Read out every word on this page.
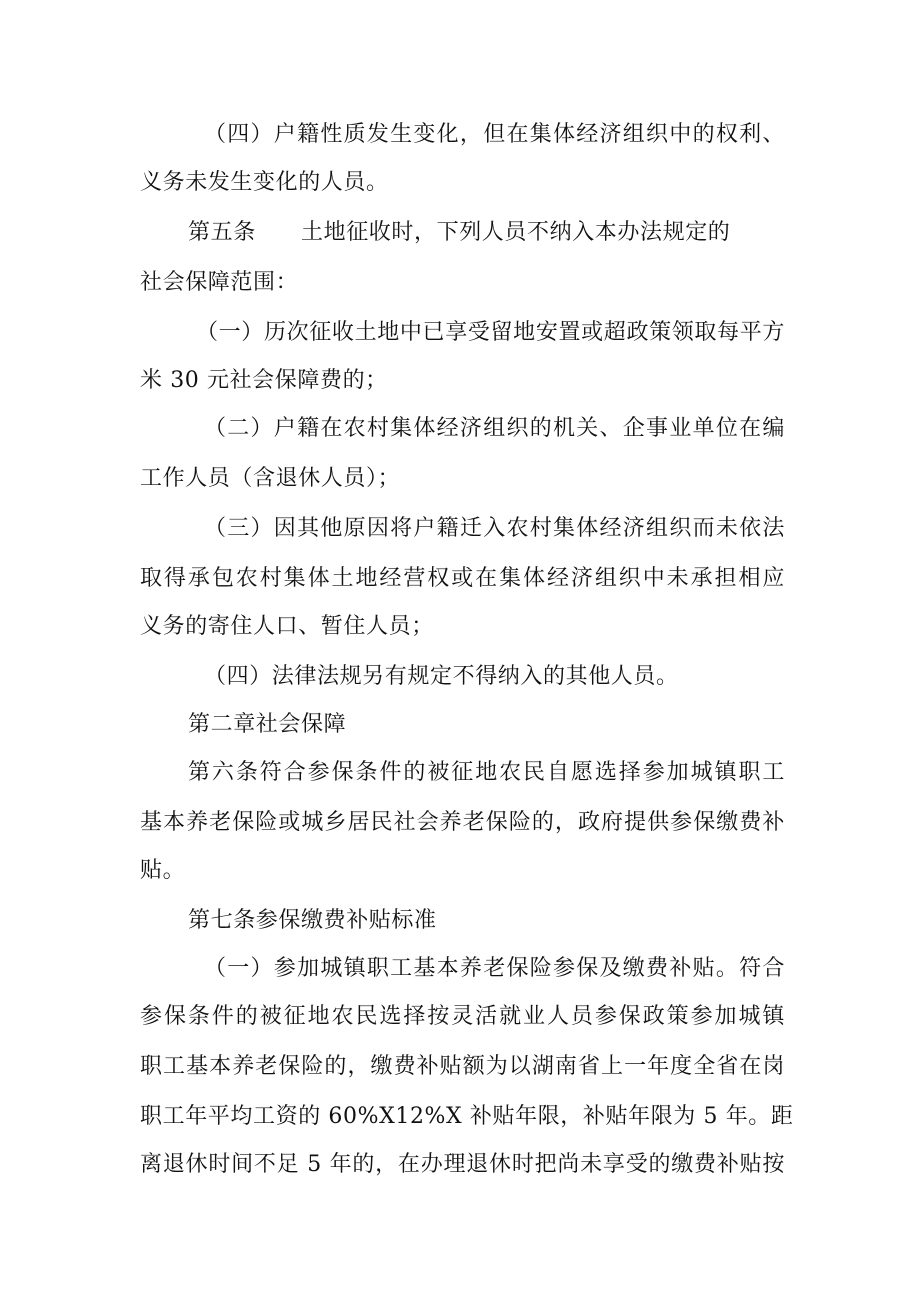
（四）户籍性质发生变化，但在集体经济组织中的权利、
义务未发生变化的人员。
第五条　　土地征收时，下列人员不纳入本办法规定的
社会保障范围：
（一）历次征收土地中已享受留地安置或超政策领取每平方
米 30 元社会保障费的；
（二）户籍在农村集体经济组织的机关、企事业单位在编
工作人员（含退休人员）；
（三）因其他原因将户籍迁入农村集体经济组织而未依法
取得承包农村集体土地经营权或在集体经济组织中未承担相应
义务的寄住人口、暂住人员；
（四）法律法规另有规定不得纳入的其他人员。
第二章社会保障
第六条符合参保条件的被征地农民自愿选择参加城镇职工
基本养老保险或城乡居民社会养老保险的，政府提供参保缴费补
贴。
第七条参保缴费补贴标准
（一）参加城镇职工基本养老保险参保及缴费补贴。符合
参保条件的被征地农民选择按灵活就业人员参保政策参加城镇
职工基本养老保险的，缴费补贴额为以湖南省上一年度全省在岗
职工年平均工资的 60%X12%X 补贴年限，补贴年限为 5 年。距
离退休时间不足 5 年的，在办理退休时把尚未享受的缴费补贴按
